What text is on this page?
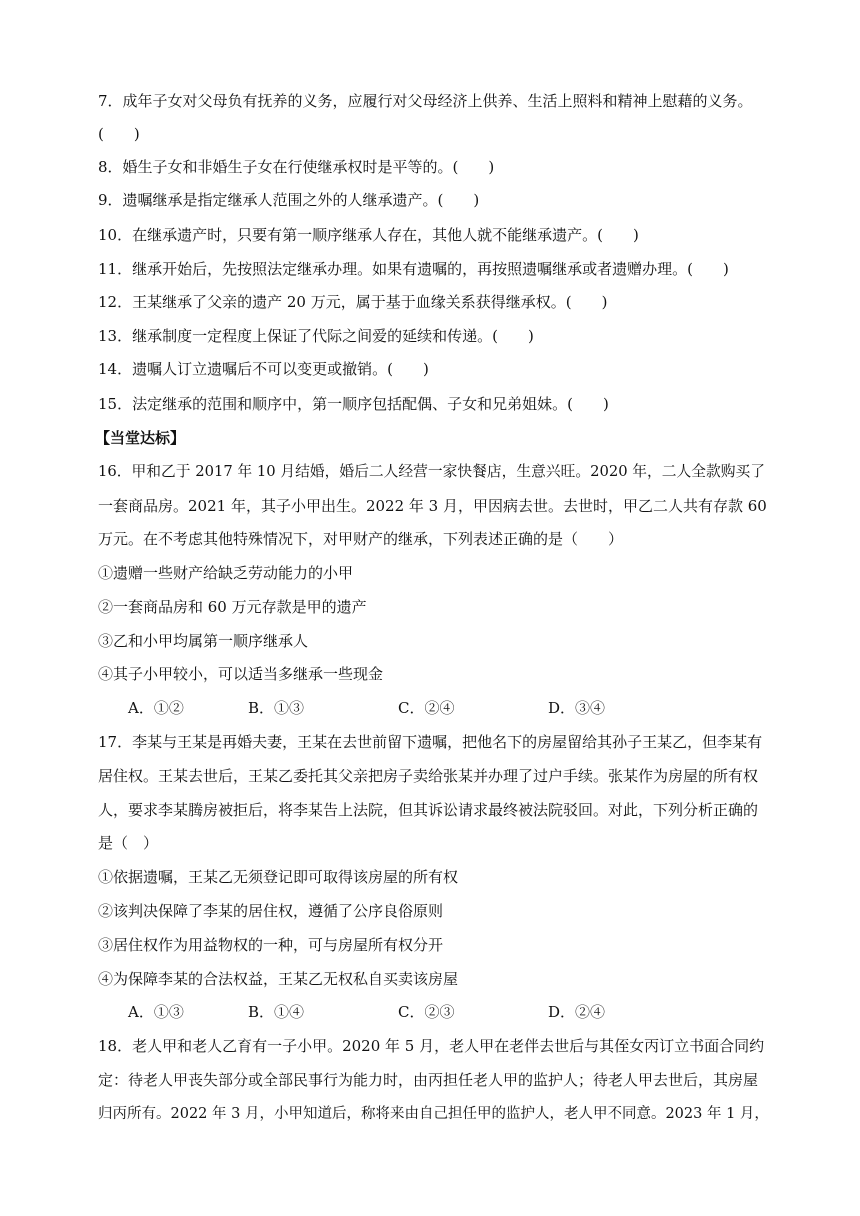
7．成年子女对父母负有抚养的义务，应履行对父母经济上供养、生活上照料和精神上慰藉的义务。
(　　)
8．婚生子女和非婚生子女在行使继承权时是平等的。(　　)
9．遗嘱继承是指定继承人范围之外的人继承遗产。(　　)
10．在继承遗产时，只要有第一顺序继承人存在，其他人就不能继承遗产。(　　)
11．继承开始后，先按照法定继承办理。如果有遗嘱的，再按照遗嘱继承或者遗赠办理。(　　)
12．王某继承了父亲的遗产 20 万元，属于基于血缘关系获得继承权。(　　)
13．继承制度一定程度上保证了代际之间爱的延续和传递。(　　)
14．遗嘱人订立遗嘱后不可以变更或撤销。(　　)
15．法定继承的范围和顺序中，第一顺序包括配偶、子女和兄弟姐妹。(　　)
【当堂达标】
16．甲和乙于 2017 年 10 月结婚，婚后二人经营一家快餐店，生意兴旺。2020 年，二人全款购买了
一套商品房。2021 年，其子小甲出生。2022 年 3 月，甲因病去世。去世时，甲乙二人共有存款 60
万元。在不考虑其他特殊情况下，对甲财产的继承，下列表述正确的是（　　）
①遗赠一些财产给缺乏劳动能力的小甲
②一套商品房和 60 万元存款是甲的遗产
③乙和小甲均属第一顺序继承人
④其子小甲较小，可以适当多继承一些现金
A．①②	B．①③	C．②④	D．③④
17．李某与王某是再婚夫妻，王某在去世前留下遗嘱，把他名下的房屋留给其孙子王某乙，但李某有
居住权。王某去世后，王某乙委托其父亲把房子卖给张某并办理了过户手续。张某作为房屋的所有权
人，要求李某腾房被拒后，将李某告上法院，但其诉讼请求最终被法院驳回。对此，下列分析正确的
是（　）
①依据遗嘱，王某乙无须登记即可取得该房屋的所有权
②该判决保障了李某的居住权，遵循了公序良俗原则
③居住权作为用益物权的一种，可与房屋所有权分开
④为保障李某的合法权益，王某乙无权私自买卖该房屋
A．①③	B．①④	C．②③	D．②④
18．老人甲和老人乙育有一子小甲。2020 年 5 月，老人甲在老伴去世后与其侄女丙订立书面合同约
定：待老人甲丧失部分或全部民事行为能力时，由丙担任老人甲的监护人；待老人甲去世后，其房屋
归丙所有。2022 年 3 月，小甲知道后，称将来由自己担任甲的监护人，老人甲不同意。2023 年 1 月，
